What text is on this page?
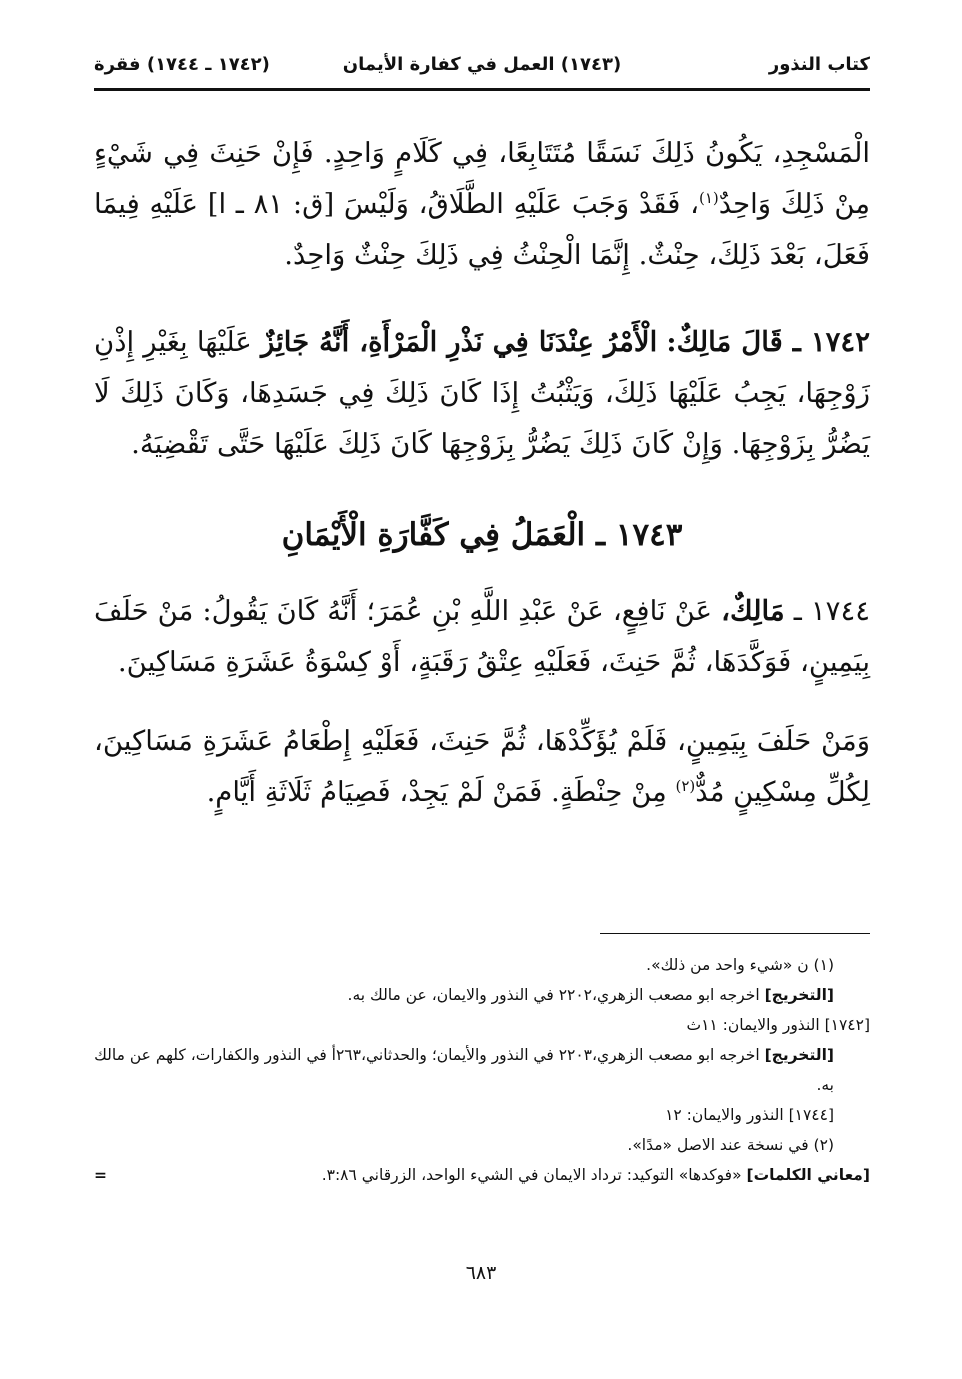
كتاب النذور
(١٧٤٣) العمل في كفارة الأيمان
(١٧٤٢ ـ ١٧٤٤) فقرة

الْمَسْجِدِ، يَكُونُ ذَلِكَ نَسَقًا مُتَتَابِعًا، فِي كَلَامٍ وَاحِدٍ. فَإِنْ حَنِثَ فِي شَيْءٍ مِنْ ذَلِكَ وَاحِدٌ$^{(١)}$، فَقَدْ وَجَبَ عَلَيْهِ الطَّلَاقُ، وَلَيْسَ [ق: ٨١ ـ ا] عَلَيْهِ فِيمَا فَعَلَ، بَعْدَ ذَلِكَ، حِنْثٌ. إِنَّمَا الْحِنْثُ فِي ذَلِكَ حِنْثٌ وَاحِدٌ.

١٧٤٢ ـ قَالَ مَالِكٌ: الْأَمْرُ عِنْدَنَا فِي نَذْرِ الْمَرْأَةِ، أَنَّهُ جَائِزٌ عَلَيْهَا بِغَيْرِ إِذْنِ زَوْجِهَا، يَجِبُ عَلَيْهَا ذَلِكَ، وَيَثْبُتُ إِذَا كَانَ ذَلِكَ فِي جَسَدِهَا، وَكَانَ ذَلِكَ لَا يَضُرُّ بِزَوْجِهَا. وَإِنْ كَانَ ذَلِكَ يَضُرُّ بِزَوْجِهَا كَانَ ذَلِكَ عَلَيْهَا حَتَّى تَقْضِيَهُ.

١٧٤٣ ـ الْعَمَلُ فِي كَفَّارَةِ الْأَيْمَانِ

١٧٤٤ ـ مَالِكٌ، عَنْ نَافِعٍ، عَنْ عَبْدِ اللَّهِ بْنِ عُمَرَ؛ أَنَّهُ كَانَ يَقُولُ: مَنْ حَلَفَ بِيَمِينٍ، فَوَكَّدَهَا، ثُمَّ حَنِثَ، فَعَلَيْهِ عِتْقُ رَقَبَةٍ، أَوْ كِسْوَةُ عَشَرَةِ مَسَاكِينَ.

وَمَنْ حَلَفَ بِيَمِينٍ، فَلَمْ يُؤَكِّدْهَا، ثُمَّ حَنِثَ، فَعَلَيْهِ إِطْعَامُ عَشَرَةِ مَسَاكِينَ، لِكُلِّ مِسْكِينٍ مُدٌّ$^{(٢)}$ مِنْ حِنْطَةٍ. فَمَنْ لَمْ يَجِدْ، فَصِيَامُ ثَلَاثَةِ أَيَّامٍ.

(١) ن «شيء واحد من ذلك».

[التخريج] اخرجه ابو مصعب الزهري،٢٢٠٢ في النذور والايمان، عن مالك به.

[١٧٤٢] النذور والايمان: ١١ث

[التخريج] اخرجه ابو مصعب الزهري،٢٢٠٣ في النذور والأيمان؛ والحدثاني،٢٦٣أ في النذور والكفارات، كلهم عن مالك به.

[١٧٤٤] النذور والايمان: ١٢

(٢) في نسخة عند الاصل «مدًا».

[معاني الكلمات] «فوكدها» التوكيد: ترداد الايمان في الشيء الواحد، الزرقاني ٣:٨٦.
=

٦٨٣
